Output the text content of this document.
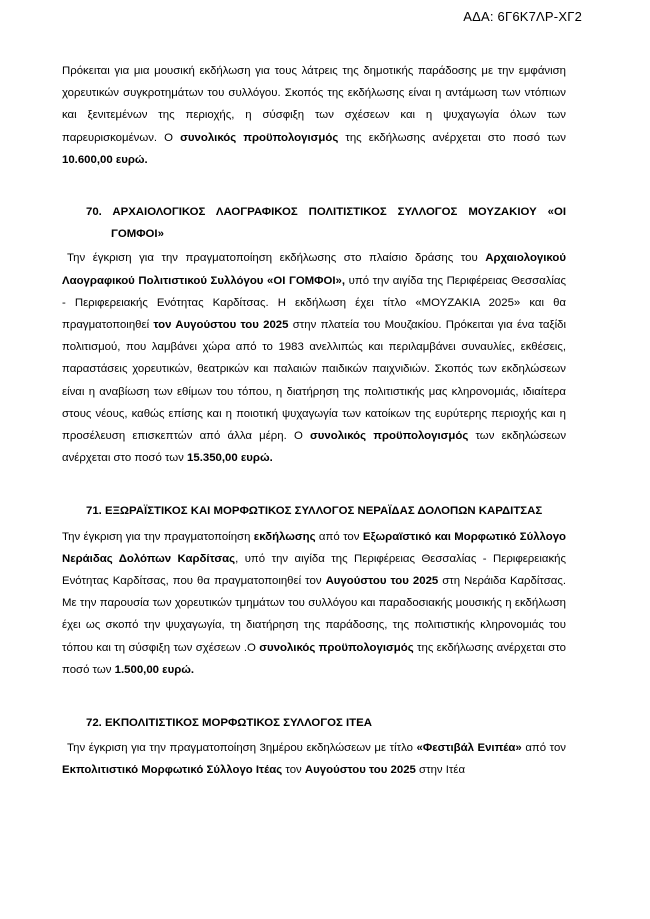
ΑΔΑ: 6Γ6Κ7ΛΡ-ΧΓ2

Πρόκειται για μια μουσική εκδήλωση για τους λάτρεις της δημοτικής παράδοσης με την εμφάνιση χορευτικών συγκροτημάτων του συλλόγου. Σκοπός της εκδήλωσης είναι η αντάμωση των ντόπιων και ξενιτεμένων της περιοχής, η σύσφιξη των σχέσεων και η ψυχαγωγία όλων των παρευρισκομένων. Ο συνολικός προϋπολογισμός της εκδήλωσης ανέρχεται στο ποσό των 10.600,00 ευρώ.

70. ΑΡΧΑΙΟΛΟΓΙΚΟΣ ΛΑΟΓΡΑΦΙΚΟΣ ΠΟΛΙΤΙΣΤΙΚΟΣ ΣΥΛΛΟΓΟΣ ΜΟΥΖΑΚΙΟΥ «ΟΙ
ΓΟΜΦΟΙ»

Την έγκριση για την πραγματοποίηση εκδήλωσης στο πλαίσιο δράσης του Αρχαιολογικού Λαογραφικού Πολιτιστικού Συλλόγου «ΟΙ ΓΟΜΦΟΙ», υπό την αιγίδα της Περιφέρειας Θεσσαλίας - Περιφερειακής Ενότητας Καρδίτσας. Η εκδήλωση έχει τίτλο «ΜΟΥΖΑΚΙΑ 2025» και θα πραγματοποιηθεί τον Αυγούστου του 2025 στην πλατεία του Μουζακίου. Πρόκειται για ένα ταξίδι πολιτισμού, που λαμβάνει χώρα από το 1983 ανελλιπώς και περιλαμβάνει συναυλίες, εκθέσεις, παραστάσεις χορευτικών, θεατρικών και παλαιών παιδικών παιχνιδιών. Σκοπός των εκδηλώσεων είναι η αναβίωση των εθίμων του τόπου, η διατήρηση της πολιτιστικής μας κληρονομιάς, ιδιαίτερα στους νέους, καθώς επίσης και η ποιοτική ψυχαγωγία των κατοίκων της ευρύτερης περιοχής και η προσέλευση επισκεπτών από άλλα μέρη. Ο συνολικός προϋπολογισμός των εκδηλώσεων ανέρχεται στο ποσό των 15.350,00 ευρώ.

71. ΕΞΩΡΑΪΣΤΙΚΟΣ ΚΑΙ ΜΟΡΦΩΤΙΚΟΣ ΣΥΛΛΟΓΟΣ ΝΕΡΑΪΔΑΣ ΔΟΛΟΠΩΝ ΚΑΡΔΙΤΣΑΣ

Την έγκριση για την πραγματοποίηση εκδήλωσης από τον Εξωραϊστικό και Μορφωτικό Σύλλογο Νεράιδας Δολόπων Καρδίτσας, υπό την αιγίδα της Περιφέρειας Θεσσαλίας - Περιφερειακής Ενότητας Καρδίτσας, που θα πραγματοποιηθεί τον Αυγούστου του 2025 στη Νεράιδα Καρδίτσας. Με την παρουσία των χορευτικών τμημάτων του συλλόγου και παραδοσιακής μουσικής η εκδήλωση έχει ως σκοπό την ψυχαγωγία, τη διατήρηση της παράδοσης, της πολιτιστικής κληρονομιάς του τόπου και τη σύσφιξη των σχέσεων .Ο συνολικός προϋπολογισμός της εκδήλωσης ανέρχεται στο ποσό των 1.500,00 ευρώ.

72. ΕΚΠΟΛΙΤΙΣΤΙΚΟΣ ΜΟΡΦΩΤΙΚΟΣ ΣΥΛΛΟΓΟΣ ΙΤΕΑ

Την έγκριση για την πραγματοποίηση 3ημέρου εκδηλώσεων με τίτλο «Φεστιβάλ Ενιπέα» από τον Εκπολιτιστικό Μορφωτικό Σύλλογο Ιτέας τον Αυγούστου του 2025 στην Ιτέα
